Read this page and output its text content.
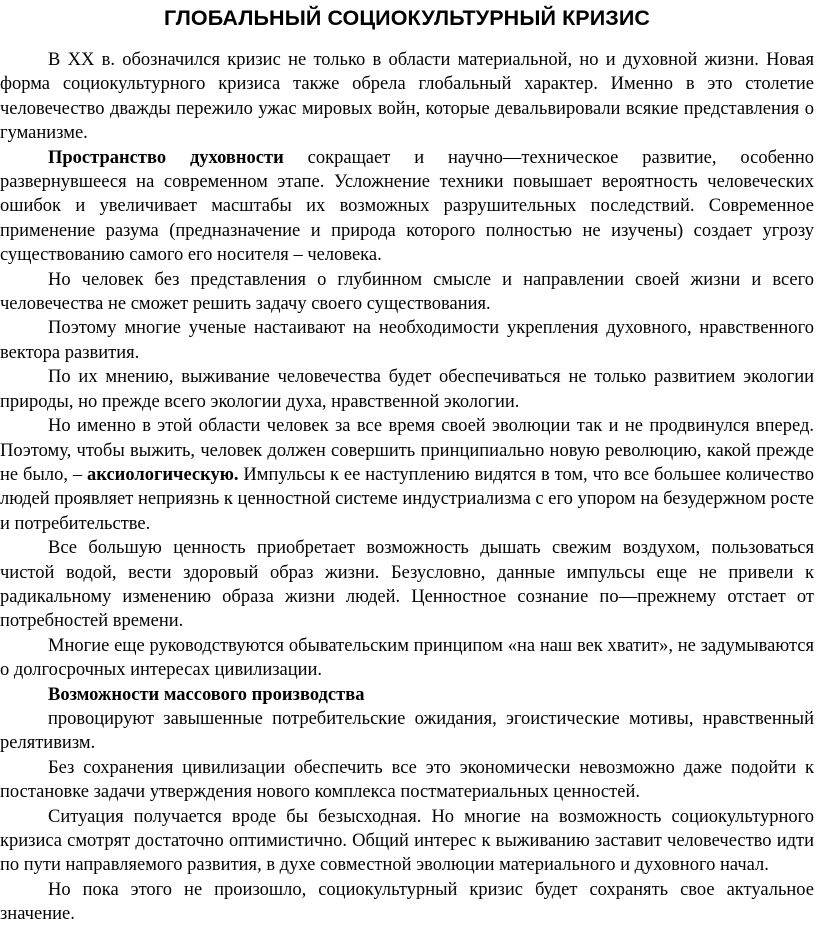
ГЛОБАЛЬНЫЙ СОЦИОКУЛЬТУРНЫЙ КРИЗИС

В XX в. обозначился кризис не только в области материальной, но и духовной жизни. Новая форма социокультурного кризиса также обрела глобальный характер. Именно в это столетие человечество дважды пережило ужас мировых войн, которые девальвировали всякие представления о гуманизме.

Пространство духовности сокращает и научно—техническое развитие, особенно развернувшееся на современном этапе. Усложнение техники повышает вероятность человеческих ошибок и увеличивает масштабы их возможных разрушительных последствий. Современное применение разума (предназначение и природа которого полностью не изучены) создает угрозу существованию самого его носителя – человека.

Но человек без представления о глубинном смысле и направлении своей жизни и всего человечества не сможет решить задачу своего существования.

Поэтому многие ученые настаивают на необходимости укрепления духовного, нравственного вектора развития.

По их мнению, выживание человечества будет обеспечиваться не только развитием экологии природы, но прежде всего экологии духа, нравственной экологии.

Но именно в этой области человек за все время своей эволюции так и не продвинулся вперед. Поэтому, чтобы выжить, человек должен совершить принципиально новую революцию, какой прежде не было, – аксиологическую. Импульсы к ее наступлению видятся в том, что все большее количество людей проявляет неприязнь к ценностной системе индустриализма с его упором на безудержном росте и потребительстве.

Все большую ценность приобретает возможность дышать свежим воздухом, пользоваться чистой водой, вести здоровый образ жизни. Безусловно, данные импульсы еще не привели к радикальному изменению образа жизни людей. Ценностное сознание по—прежнему отстает от потребностей времени.

Многие еще руководствуются обывательским принципом «на наш век хватит», не задумываются о долгосрочных интересах цивилизации.

Возможности массового производства

провоцируют завышенные потребительские ожидания, эгоистические мотивы, нравственный релятивизм.

Без сохранения цивилизации обеспечить все это экономически невозможно даже подойти к постановке задачи утверждения нового комплекса постматериальных ценностей.

Ситуация получается вроде бы безысходная. Но многие на возможность социокультурного кризиса смотрят достаточно оптимистично. Общий интерес к выживанию заставит человечество идти по пути направляемого развития, в духе совместной эволюции материального и духовного начал.

Но пока этого не произошло, социокультурный кризис будет сохранять свое актуальное значение.
